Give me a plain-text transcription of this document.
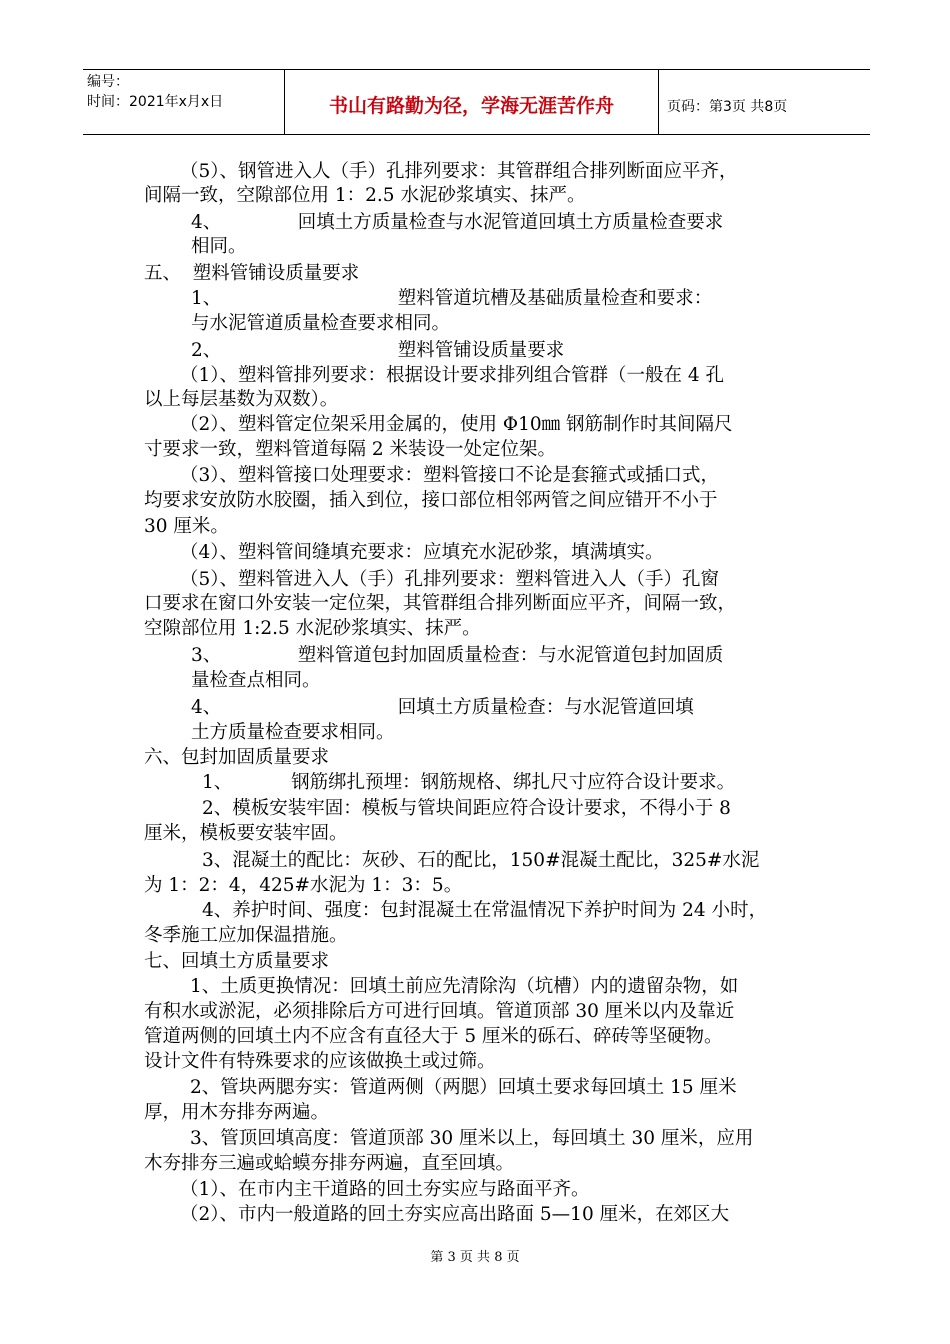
编号：
时间：2021年x月x日	书山有路勤为径，学海无涯苦作舟	页码：第3页 共8页
（5）、钢管进入人（手）孔排列要求：其管群组合排列断面应平齐，
间隔一致，空隙部位用 1：2.5 水泥砂浆填实、抹严。
4、             回填土方质量检查与水泥管道回填土方质量检查要求
相同。
五、  塑料管铺设质量要求
1、                              塑料管道坑槽及基础质量检查和要求：
与水泥管道质量检查要求相同。
2、                              塑料管铺设质量要求
（1）、塑料管排列要求：根据设计要求排列组合管群（一般在 4 孔
以上每层基数为双数）。
（2）、塑料管定位架采用金属的，使用 Φ10㎜ 钢筋制作时其间隔尺
寸要求一致，塑料管道每隔 2 米装设一处定位架。
（3）、塑料管接口处理要求：塑料管接口不论是套箍式或插口式，
均要求安放防水胶圈，插入到位，接口部位相邻两管之间应错开不小于
30 厘米。
（4）、塑料管间缝填充要求：应填充水泥砂浆，填满填实。
（5）、塑料管进入人（手）孔排列要求：塑料管进入人（手）孔窗
口要求在窗口外安装一定位架，其管群组合排列断面应平齐，间隔一致，
空隙部位用 1:2.5 水泥砂浆填实、抹严。
3、             塑料管道包封加固质量检查：与水泥管道包封加固质
量检查点相同。
4、                              回填土方质量检查：与水泥管道回填
土方质量检查要求相同。
六、包封加固质量要求
1、          钢筋绑扎预埋：钢筋规格、绑扎尺寸应符合设计要求。
2、模板安装牢固：模板与管块间距应符合设计要求，不得小于 8
厘米，模板要安装牢固。
3、混凝土的配比：灰砂、石的配比，150#混凝土配比，325#水泥
为 1：2：4，425#水泥为 1：3：5。
4、养护时间、强度：包封混凝土在常温情况下养护时间为 24 小时，
冬季施工应加保温措施。
七、回填土方质量要求
1、土质更换情况：回填土前应先清除沟（坑槽）内的遗留杂物，如
有积水或淤泥，必须排除后方可进行回填。管道顶部 30 厘米以内及靠近
管道两侧的回填土内不应含有直径大于 5 厘米的砾石、碎砖等坚硬物。
设计文件有特殊要求的应该做换土或过筛。
2、管块两腮夯实：管道两侧（两腮）回填土要求每回填土 15 厘米
厚，用木夯排夯两遍。
3、管顶回填高度：管道顶部 30 厘米以上，每回填土 30 厘米，应用
木夯排夯三遍或蛤蟆夯排夯两遍，直至回填。
（1）、在市内主干道路的回土夯实应与路面平齐。
（2）、市内一般道路的回土夯实应高出路面 5—10 厘米，在郊区大
第 3 页 共 8 页
